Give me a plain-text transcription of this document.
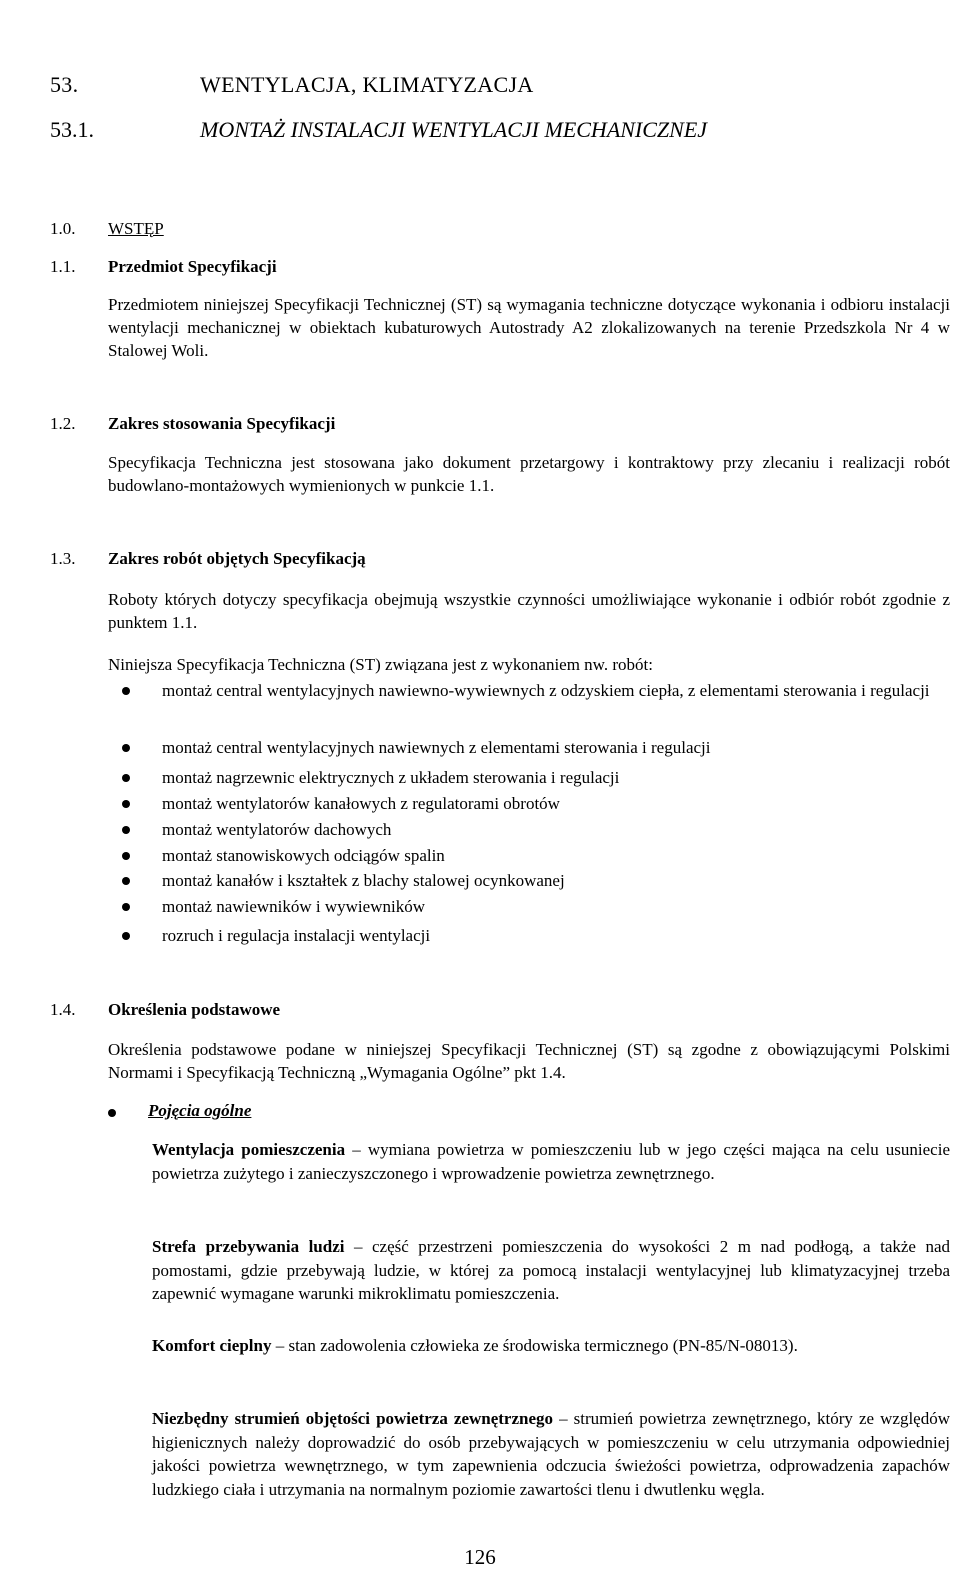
53.	WENTYLACJA, KLIMATYZACJA
53.1.	MONTAŻ INSTALACJI WENTYLACJI MECHANICZNEJ
1.0. WSTĘP
1.1. Przedmiot Specyfikacji
Przedmiotem niniejszej Specyfikacji Technicznej (ST) są wymagania techniczne dotyczące wykonania i odbioru instalacji wentylacji mechanicznej w obiektach kubaturowych Autostrady A2 zlokalizowanych na terenie Przedszkola Nr 4 w Stalowej Woli.
1.2. Zakres stosowania Specyfikacji
Specyfikacja Techniczna jest stosowana jako dokument przetargowy i kontraktowy przy zlecaniu i realizacji robót budowlano-montażowych wymienionych w punkcie 1.1.
1.3. Zakres robót objętych Specyfikacją
Roboty których dotyczy specyfikacja obejmują wszystkie czynności umożliwiające wykonanie i odbiór robót zgodnie z punktem 1.1.
Niniejsza Specyfikacja Techniczna (ST) związana jest z wykonaniem nw. robót:
montaż central wentylacyjnych nawiewno-wywiewnych z odzyskiem ciepła, z elementami sterowania i regulacji
montaż central wentylacyjnych nawiewnych z elementami sterowania i regulacji
montaż nagrzewnic elektrycznych z układem sterowania i regulacji
montaż wentylatorów kanałowych z regulatorami obrotów
montaż wentylatorów dachowych
montaż stanowiskowych odciągów spalin
montaż kanałów i kształtek z blachy stalowej ocynkowanej
montaż nawiewników i wywiewników
rozruch i regulacja instalacji wentylacji
1.4. Określenia podstawowe
Określenia podstawowe podane w niniejszej Specyfikacji Technicznej (ST) są zgodne z obowiązującymi Polskimi Normami i Specyfikacją Techniczną „Wymagania Ogólne” pkt 1.4.
Pojęcia ogólne
Wentylacja pomieszczenia – wymiana powietrza w pomieszczeniu lub w jego części mająca na celu usuniecie powietrza zużytego i zanieczyszczonego i wprowadzenie powietrza zewnętrznego.
Strefa przebywania ludzi – część przestrzeni pomieszczenia do wysokości 2 m nad podłogą, a także nad pomostami, gdzie przebywają ludzie, w której za pomocą instalacji wentylacyjnej lub klimatyzacyjnej trzeba zapewnić wymagane warunki mikroklimatu pomieszczenia.
Komfort cieplny – stan zadowolenia człowieka ze środowiska termicznego (PN-85/N-08013).
Niezbędny strumień objętości powietrza zewnętrznego – strumień powietrza zewnętrznego, który ze względów higienicznych należy doprowadzić do osób przebywających w pomieszczeniu w celu utrzymania odpowiedniej jakości powietrza wewnętrznego, w tym zapewnienia odczucia świeżości powietrza, odprowadzenia zapachów ludzkiego ciała i utrzymania na normalnym poziomie zawartości tlenu i dwutlenku węgla.
126
